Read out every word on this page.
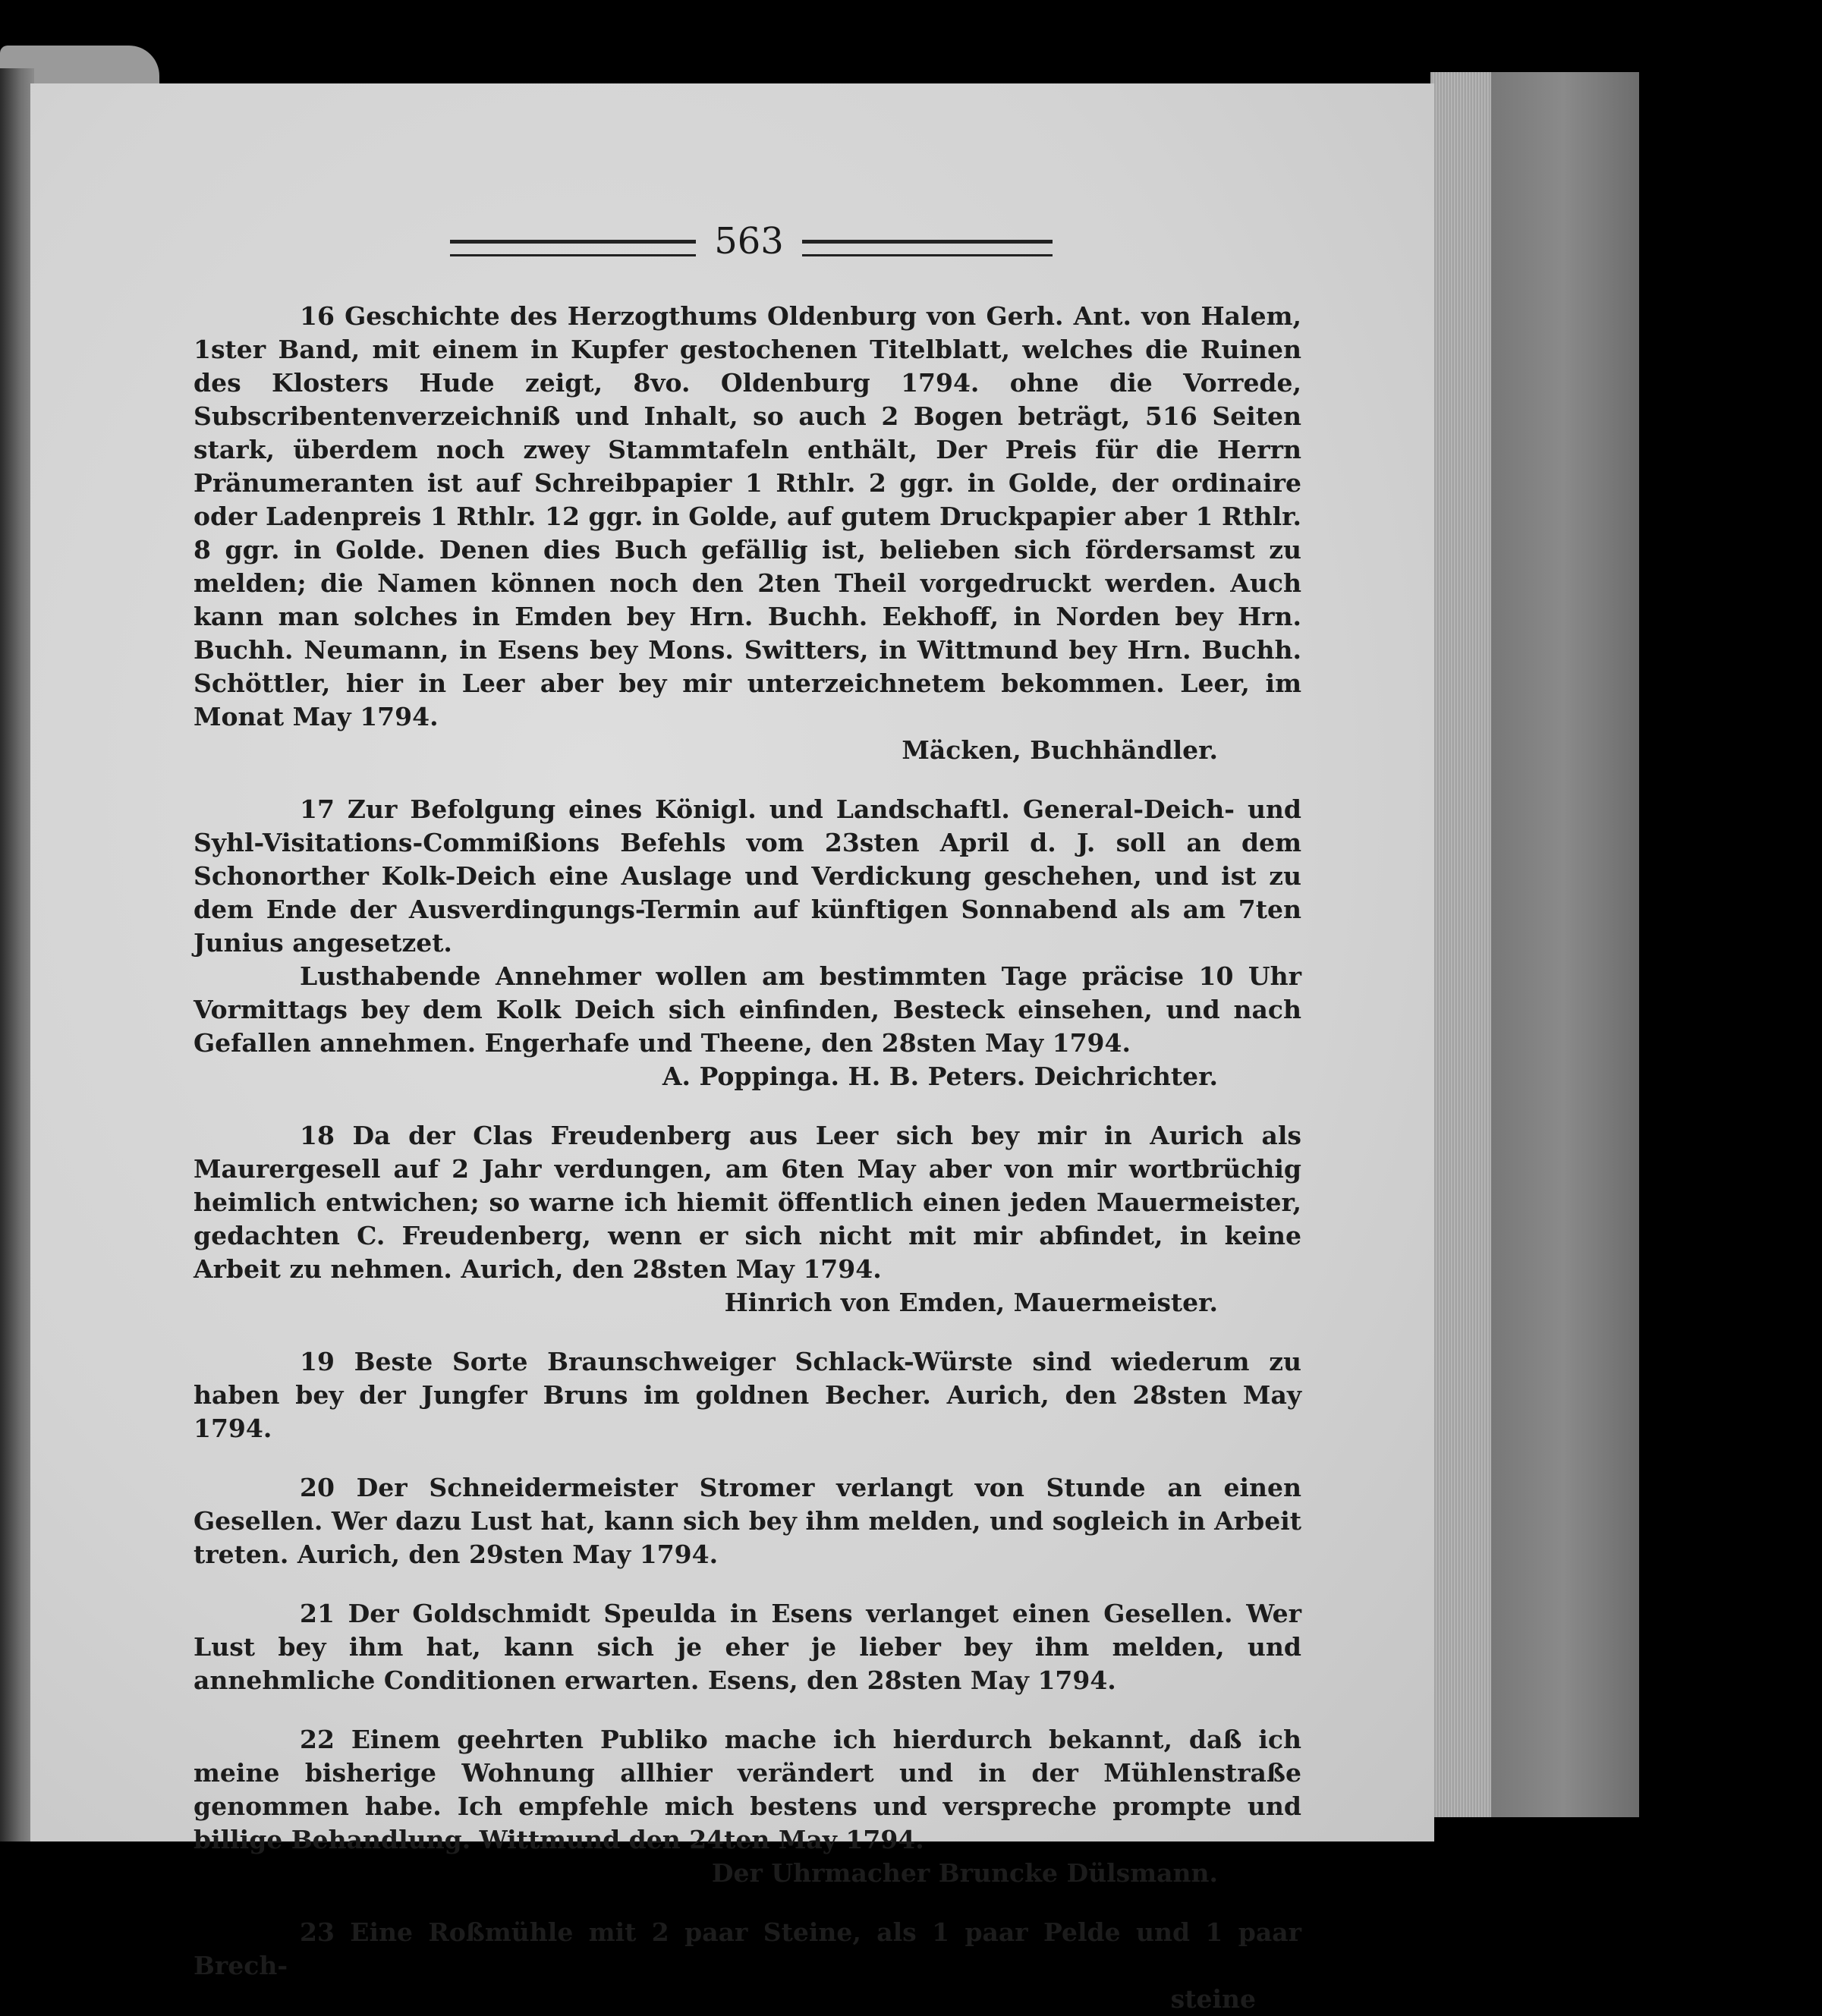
563
16 Geschichte des Herzogthums Oldenburg von Gerh. Ant. von Halem, 1ster Band, mit einem in Kupfer gestochenen Titelblatt, welches die Ruinen des Klosters Hude zeigt, 8vo. Oldenburg 1794. ohne die Vorrede, Subscribentenverzeichniß und Inhalt, so auch 2 Bogen beträgt, 516 Seiten stark, überdem noch zwey Stammtafeln enthält, Der Preis für die Herrn Pränumeranten ist auf Schreibpapier 1 Rthlr. 2 ggr. in Golde, der ordinaire oder Ladenpreis 1 Rthlr. 12 ggr. in Golde, auf gutem Druckpapier aber 1 Rthlr. 8 ggr. in Golde. Denen dies Buch gefällig ist, belieben sich fördersamst zu melden; die Namen können noch den 2ten Theil vorgedruckt werden. Auch kann man solches in Emden bey Hrn. Buchh. Eekhoff, in Norden bey Hrn. Buchh. Neumann, in Esens bey Mons. Switters, in Wittmund bey Hrn. Buchh. Schöttler, hier in Leer aber bey mir unterzeichnetem bekommen. Leer, im Monat May 1794.
Mäcken, Buchhändler.
17 Zur Befolgung eines Königl. und Landschaftl. General-Deich- und Syhl-Visitations-Commißions Befehls vom 23sten April d. J. soll an dem Schonorther Kolk-Deich eine Auslage und Verdickung geschehen, und ist zu dem Ende der Ausverdingungs-Termin auf künftigen Sonnabend als am 7ten Junius angesetzet.
Lusthabende Annehmer wollen am bestimmten Tage präcise 10 Uhr Vormittags bey dem Kolk Deich sich einfinden, Besteck einsehen, und nach Gefallen annehmen. Engerhafe und Theene, den 28sten May 1794.
A. Poppinga. H. B. Peters. Deichrichter.
18 Da der Clas Freudenberg aus Leer sich bey mir in Aurich als Maurergesell auf 2 Jahr verdungen, am 6ten May aber von mir wortbrüchig heimlich entwichen; so warne ich hiemit öffentlich einen jeden Mauermeister, gedachten C. Freudenberg, wenn er sich nicht mit mir abfindet, in keine Arbeit zu nehmen. Aurich, den 28sten May 1794.
Hinrich von Emden, Mauermeister.
19 Beste Sorte Braunschweiger Schlack-Würste sind wiederum zu haben bey der Jungfer Bruns im goldnen Becher. Aurich, den 28sten May 1794.
20 Der Schneidermeister Stromer verlangt von Stunde an einen Gesellen. Wer dazu Lust hat, kann sich bey ihm melden, und sogleich in Arbeit treten. Aurich, den 29sten May 1794.
21 Der Goldschmidt Speulda in Esens verlanget einen Gesellen. Wer Lust bey ihm hat, kann sich je eher je lieber bey ihm melden, und annehmliche Conditionen erwarten. Esens, den 28sten May 1794.
22 Einem geehrten Publiko mache ich hierdurch bekannt, daß ich meine bisherige Wohnung allhier verändert und in der Mühlenstraße genommen habe. Ich empfehle mich bestens und verspreche prompte und billige Behandlung. Wittmund den 24ten May 1794.
Der Uhrmacher Bruncke Dülsmann.
23 Eine Roßmühle mit 2 paar Steine, als 1 paar Pelde und 1 paar Brech-
steine
